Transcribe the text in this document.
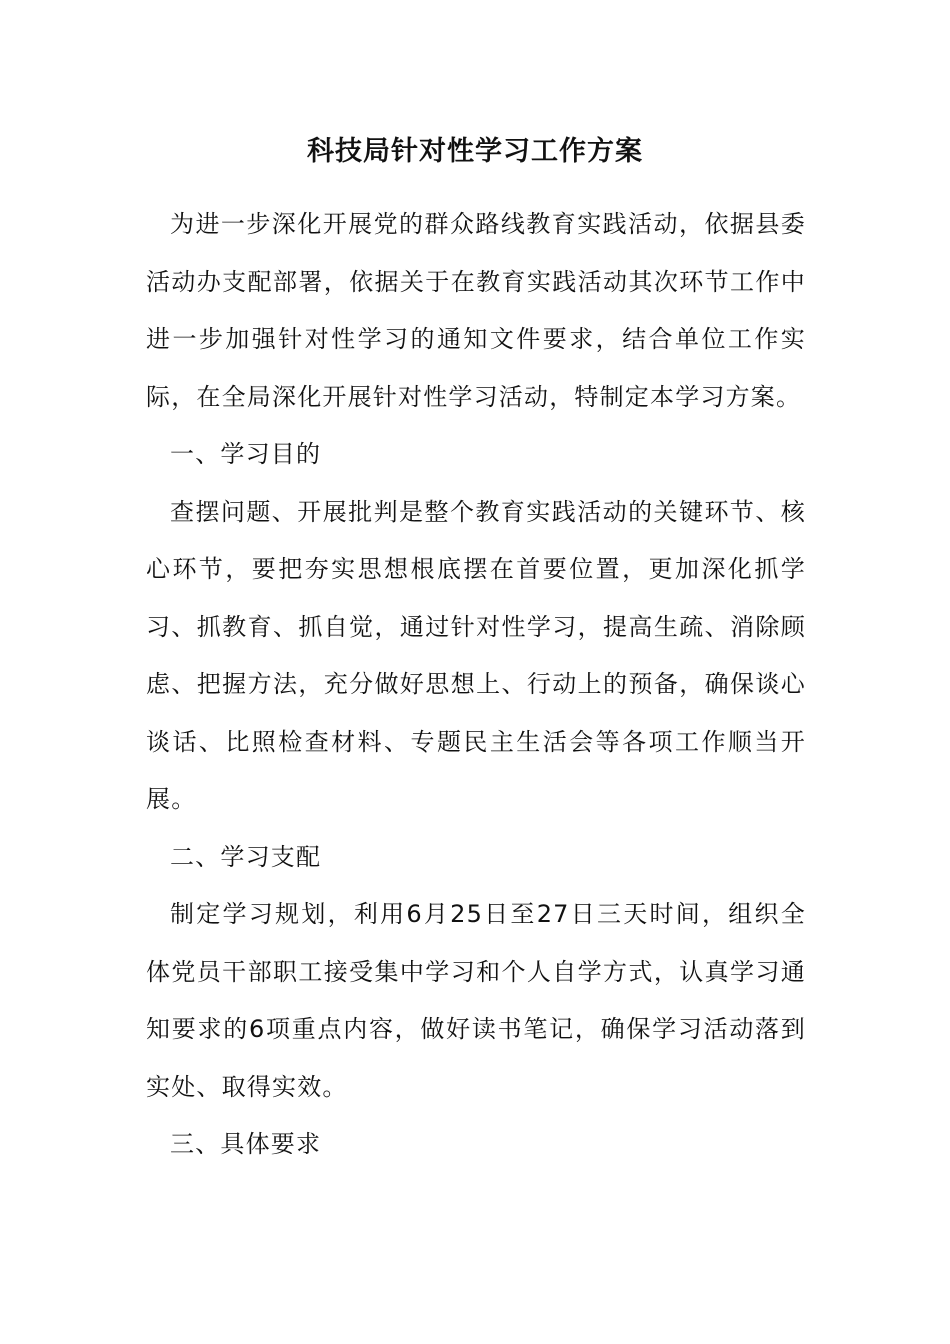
科技局针对性学习工作方案

为进一步深化开展党的群众路线教育实践活动，依据县委活动办支配部署，依据关于在教育实践活动其次环节工作中进一步加强针对性学习的通知文件要求，结合单位工作实际，在全局深化开展针对性学习活动，特制定本学习方案。

一、学习目的

查摆问题、开展批判是整个教育实践活动的关键环节、核心环节，要把夯实思想根底摆在首要位置，更加深化抓学习、抓教育、抓自觉，通过针对性学习，提高生疏、消除顾虑、把握方法，充分做好思想上、行动上的预备，确保谈心谈话、比照检查材料、专题民主生活会等各项工作顺当开展。

二、学习支配

制定学习规划，利用6月25日至27日三天时间，组织全体党员干部职工接受集中学习和个人自学方式，认真学习通知要求的6项重点内容，做好读书笔记，确保学习活动落到实处、取得实效。

三、具体要求
